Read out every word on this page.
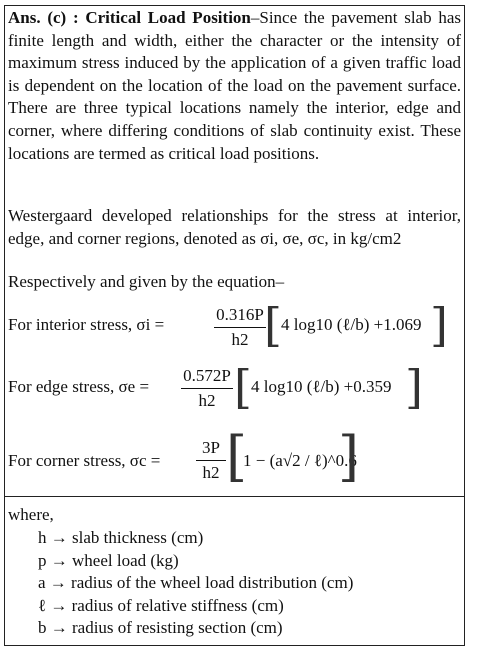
Ans. (c) : Critical Load Position–Since the pavement slab has finite length and width, either the character or the intensity of maximum stress induced by the application of a given traffic load is dependent on the location of the load on the pavement surface. There are three typical locations namely the interior, edge and corner, where differing conditions of slab continuity exist. These locations are termed as critical load positions.

Westergaard developed relationships for the stress at interior, edge, and corner regions, denoted as σi, σe, σc, in kg/cm2

Respectively and given by the equation–

For interior stress, σi =
0.316P
h2 [ 4 log10 (ℓ/b) +1.069 ]
For edge stress, σe =
0.572P
h2 [ 4 log10 (ℓ/b) +0.359 ]
For corner stress, σc =
3P
h2 [
1 − (a√2 / ℓ)^0.6
]

where,

h → slab thickness (cm)
p → wheel load (kg)
a → radius of the wheel load distribution (cm)
ℓ → radius of relative stiffness (cm)
b → radius of resisting section (cm)
